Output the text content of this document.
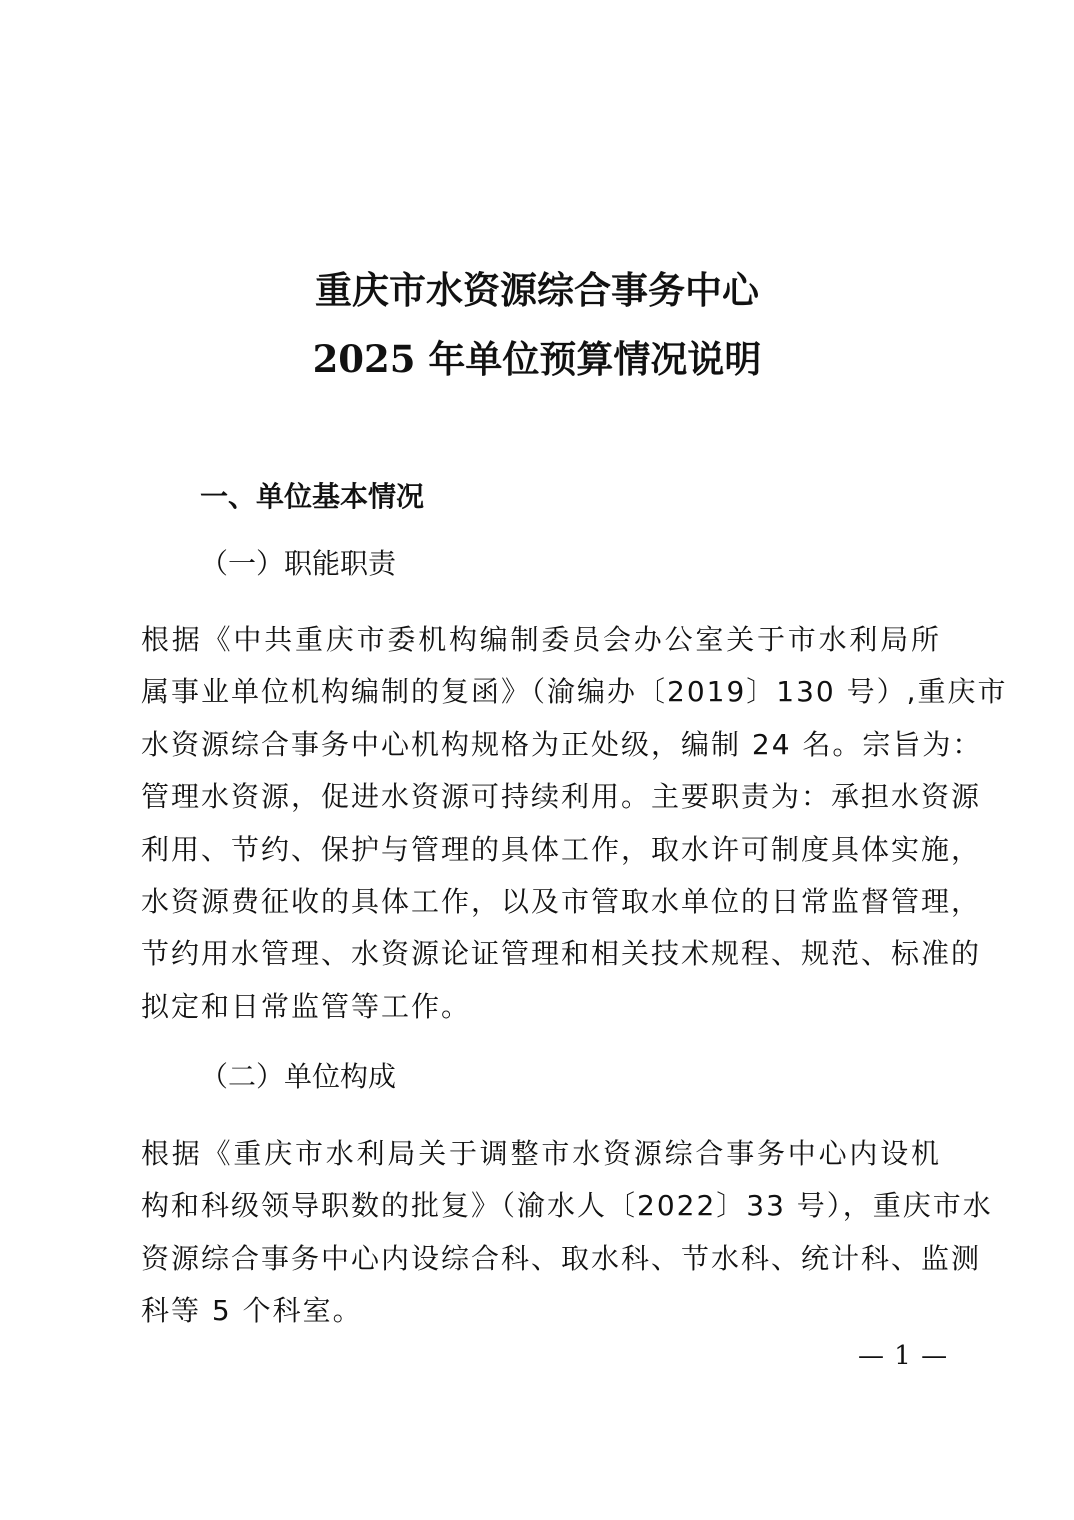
重庆市水资源综合事务中心
2025 年单位预算情况说明
一、单位基本情况
（一）职能职责
根据《中共重庆市委机构编制委员会办公室关于市水利局所
属事业单位机构编制的复函》（渝编办〔2019〕130 号）,重庆市
水资源综合事务中心机构规格为正处级，编制 24 名。宗旨为：
管理水资源，促进水资源可持续利用。主要职责为：承担水资源
利用、节约、保护与管理的具体工作，取水许可制度具体实施，
水资源费征收的具体工作，以及市管取水单位的日常监督管理，
节约用水管理、水资源论证管理和相关技术规程、规范、标准的
拟定和日常监管等工作。
（二）单位构成
根据《重庆市水利局关于调整市水资源综合事务中心内设机
构和科级领导职数的批复》（渝水人〔2022〕33 号），重庆市水
资源综合事务中心内设综合科、取水科、节水科、统计科、监测
科等 5 个科室。
— 1 —
